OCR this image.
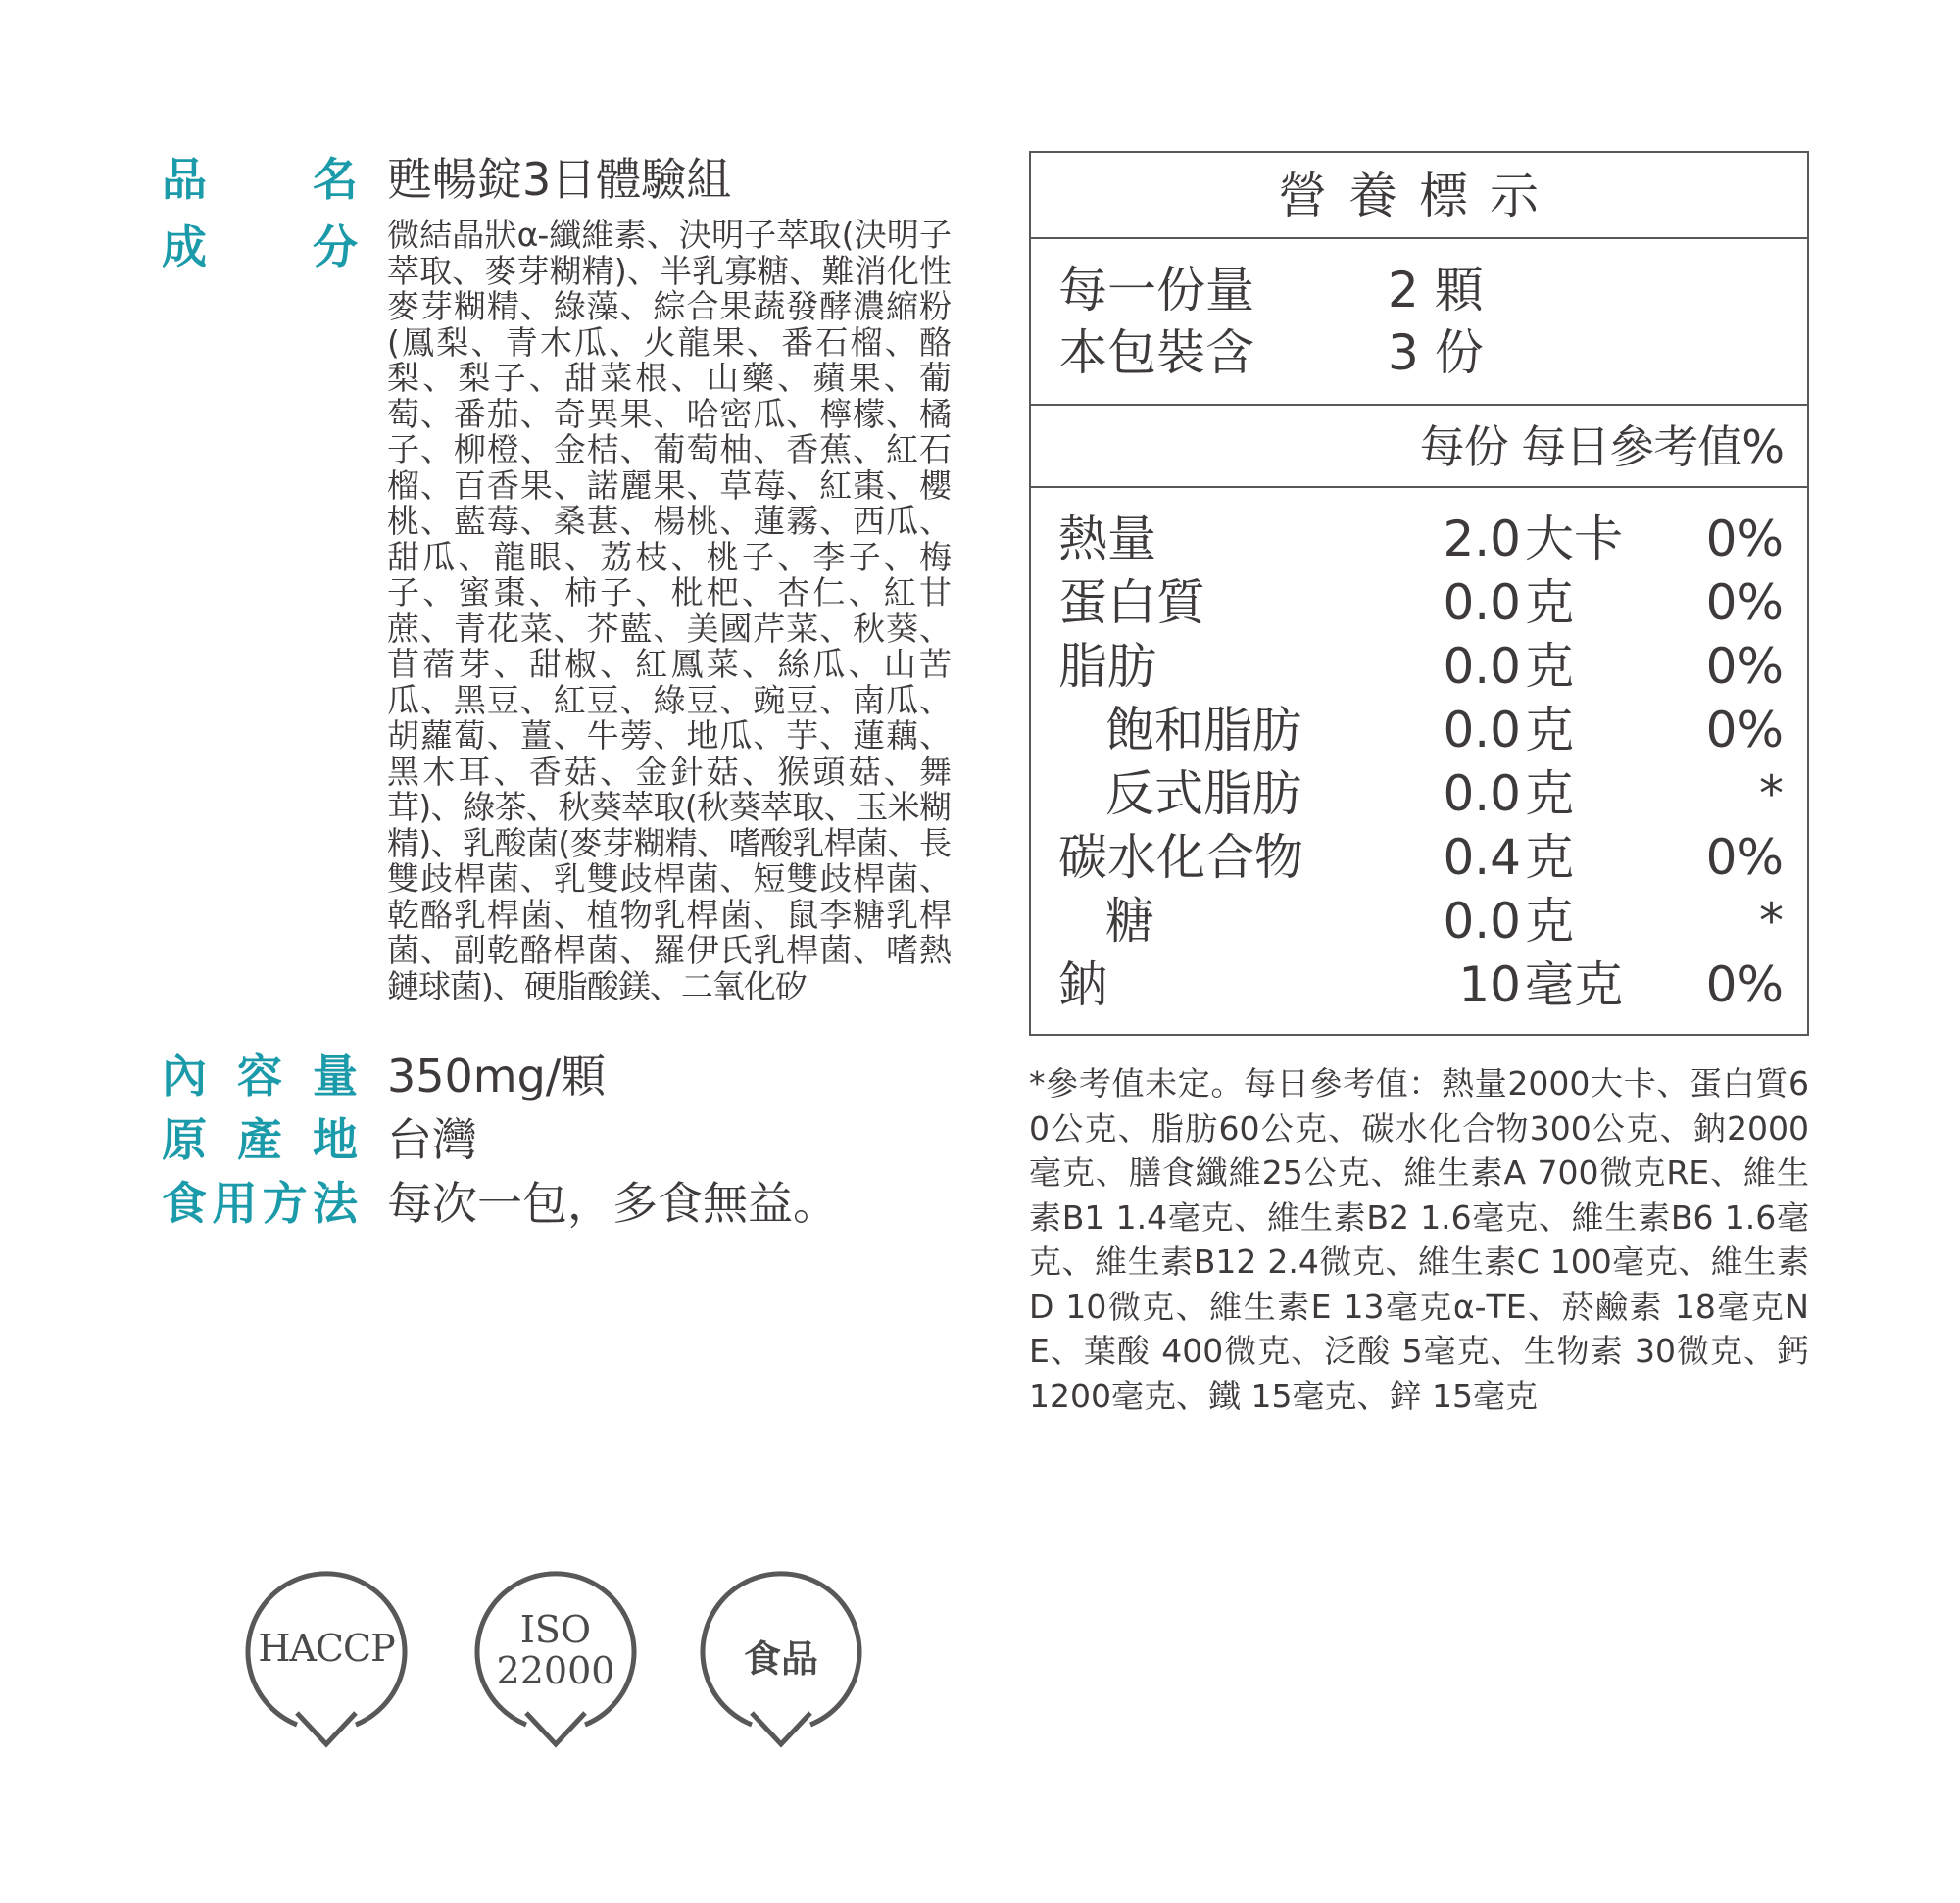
品 名 甦暢錠3日體驗組
成 分 微結晶狀α-纖維素、決明子萃取(決明子萃取、麥芽糊精)、半乳寡糖、難消化性麥芽糊精、綠藻、綜合果蔬發酵濃縮粉(鳳梨、青木瓜、火龍果、番石榴、酪梨、梨子、甜菜根、山藥、蘋果、葡萄、番茄、奇異果、哈密瓜、檸檬、橘子、柳橙、金桔、葡萄柚、香蕉、紅石榴、百香果、諾麗果、草莓、紅棗、櫻桃、藍莓、桑葚、楊桃、蓮霧、西瓜、甜瓜、龍眼、荔枝、桃子、李子、梅子、蜜棗、柿子、枇杷、杏仁、紅甘蔗、青花菜、芥藍、美國芹菜、秋葵、苜蓿芽、甜椒、紅鳳菜、絲瓜、山苦瓜、黑豆、紅豆、綠豆、豌豆、南瓜、胡蘿蔔、薑、牛蒡、地瓜、芋、蓮藕、黑木耳、香菇、金針菇、猴頭菇、舞茸)、綠茶、秋葵萃取(秋葵萃取、玉米糊精)、乳酸菌(麥芽糊精、嗜酸乳桿菌、長雙歧桿菌、乳雙歧桿菌、短雙歧桿菌、乾酪乳桿菌、植物乳桿菌、鼠李糖乳桿菌、副乾酪桿菌、羅伊氏乳桿菌、嗜熱鏈球菌)、硬脂酸鎂、二氧化矽
內 容 量 350mg/顆
原 產 地 台灣
食 用 方 法 每次一包，多食無益。
HACCP	ISO
22000	食品
營養標示
每一份量	2 顆
本包裝含	3 份
每份 每日參考值%
熱量	2.0 大卡	0%
蛋白質	0.0 克	0%
脂肪	0.0 克	0%
飽和脂肪	0.0 克	0%
反式脂肪	0.0 克	*
碳水化合物	0.4 克	0%
糖	0.0 克	*
鈉	10 毫克	0%
*參考值未定。每日參考值：熱量2000大卡、蛋白質60公克、脂肪60公克、碳水化合物300公克、鈉2000毫克、膳食纖維25公克、維生素A 700微克RE、維生素B1 1.4毫克、維生素B2 1.6毫克、維生素B6 1.6毫克、維生素B12 2.4微克、維生素C 100毫克、維生素D 10微克、維生素E 13毫克α-TE、菸鹼素 18毫克NE、葉酸 400微克、泛酸 5毫克、生物素 30微克、鈣 1200毫克、鐵 15毫克、鋅 15毫克
